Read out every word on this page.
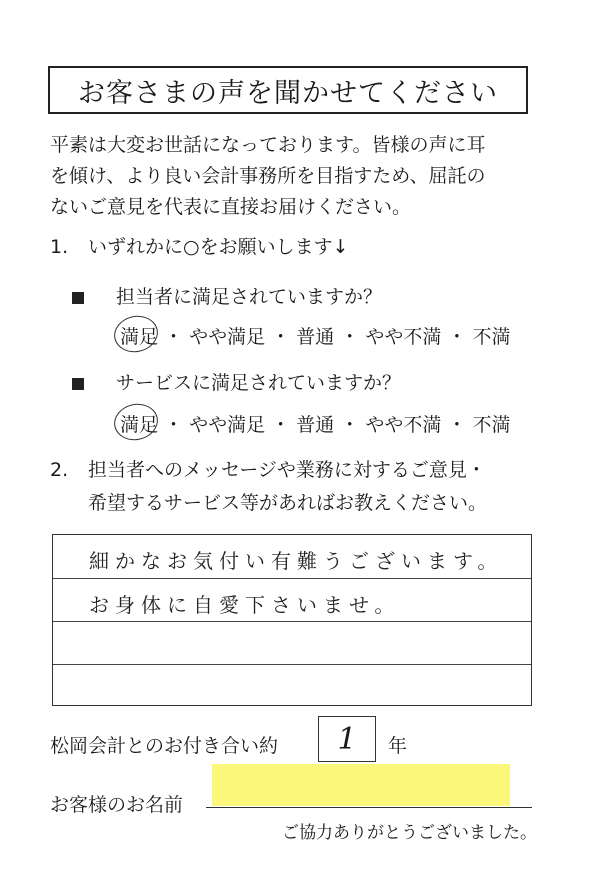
お客さまの声を聞かせてください
平素は大変お世話になっております。皆様の声に耳
を傾け、より良い会計事務所を目指すため、屈託の
ないご意見を代表に直接お届けください。
1. いずれかに○をお願いします↓
担当者に満足されていますか？
満足 ・ やや満足 ・ 普通 ・ やや不満 ・ 不満
サービスに満足されていますか？
満足 ・ やや満足 ・ 普通 ・ やや不満 ・ 不満
2. 担当者へのメッセージや業務に対するご意見・
希望するサービス等があればお教えください。
細かなお気付い有難うございます。
お身体に自愛下さいませ。
松岡会計とのお付き合い約	1	年
お客様のお名前
ご協力ありがとうございました。
